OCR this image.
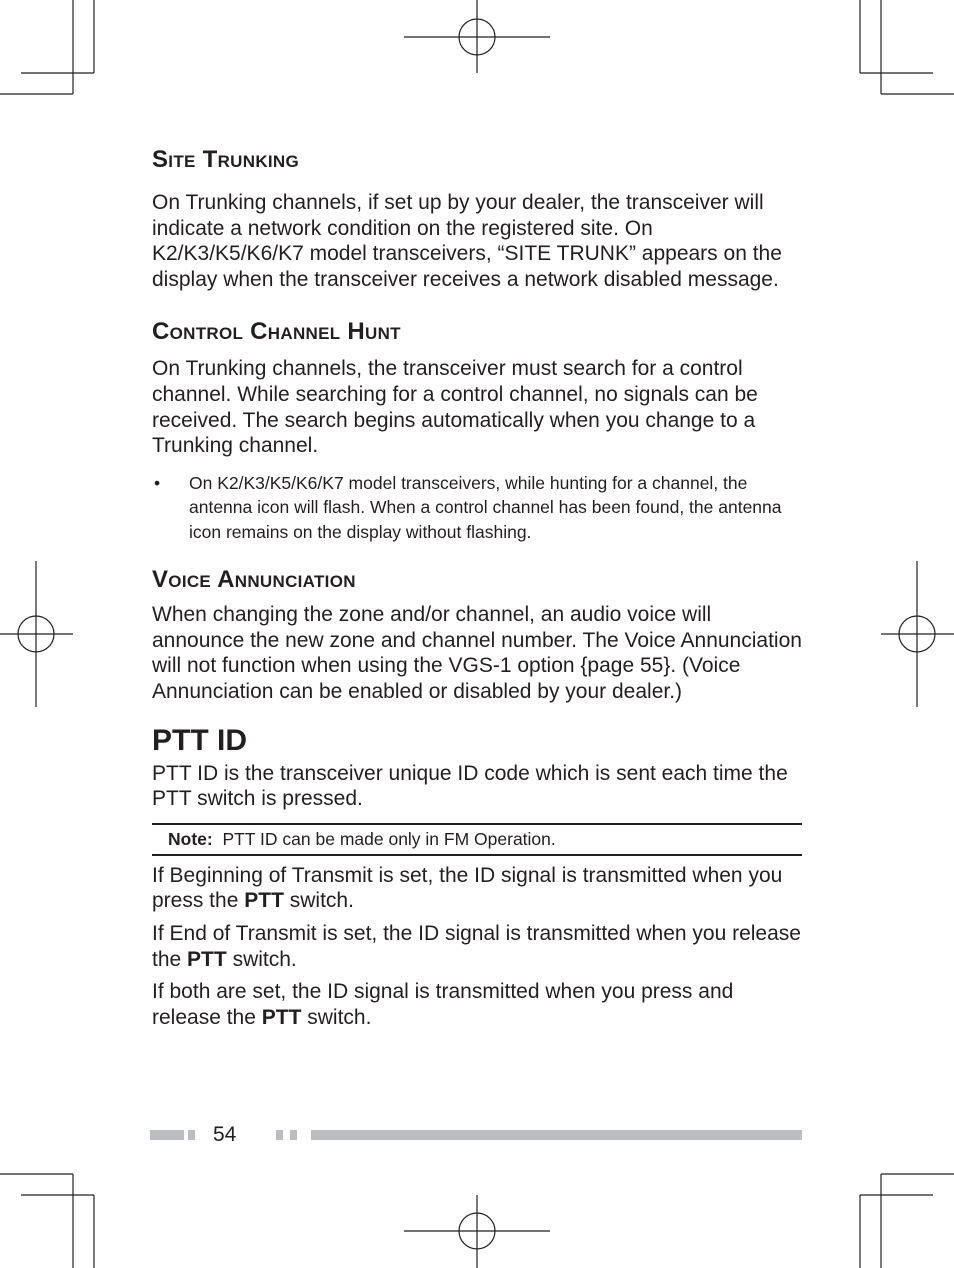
Site Trunking

On Trunking channels, if set up by your dealer, the transceiver will indicate a network condition on the registered site. On K2/K3/K5/K6/K7 model transceivers, “SITE TRUNK” appears on the display when the transceiver receives a network disabled message.

Control Channel Hunt

On Trunking channels, the transceiver must search for a control channel. While searching for a control channel, no signals can be received. The search begins automatically when you change to a Trunking channel.

• On K2/K3/K5/K6/K7 model transceivers, while hunting for a channel, the antenna icon will flash. When a control channel has been found, the antenna icon remains on the display without flashing.
Voice Annunciation

When changing the zone and/or channel, an audio voice will announce the new zone and channel number. The Voice Annunciation will not function when using the VGS-1 option {page 55}. (Voice Annunciation can be enabled or disabled by your dealer.)

PTT ID

PTT ID is the transceiver unique ID code which is sent each time the PTT switch is pressed.

Note: PTT ID can be made only in FM Operation.

If Beginning of Transmit is set, the ID signal is transmitted when you press the PTT switch.

If End of Transmit is set, the ID signal is transmitted when you release the PTT switch.

If both are set, the ID signal is transmitted when you press and release the PTT switch.

54
